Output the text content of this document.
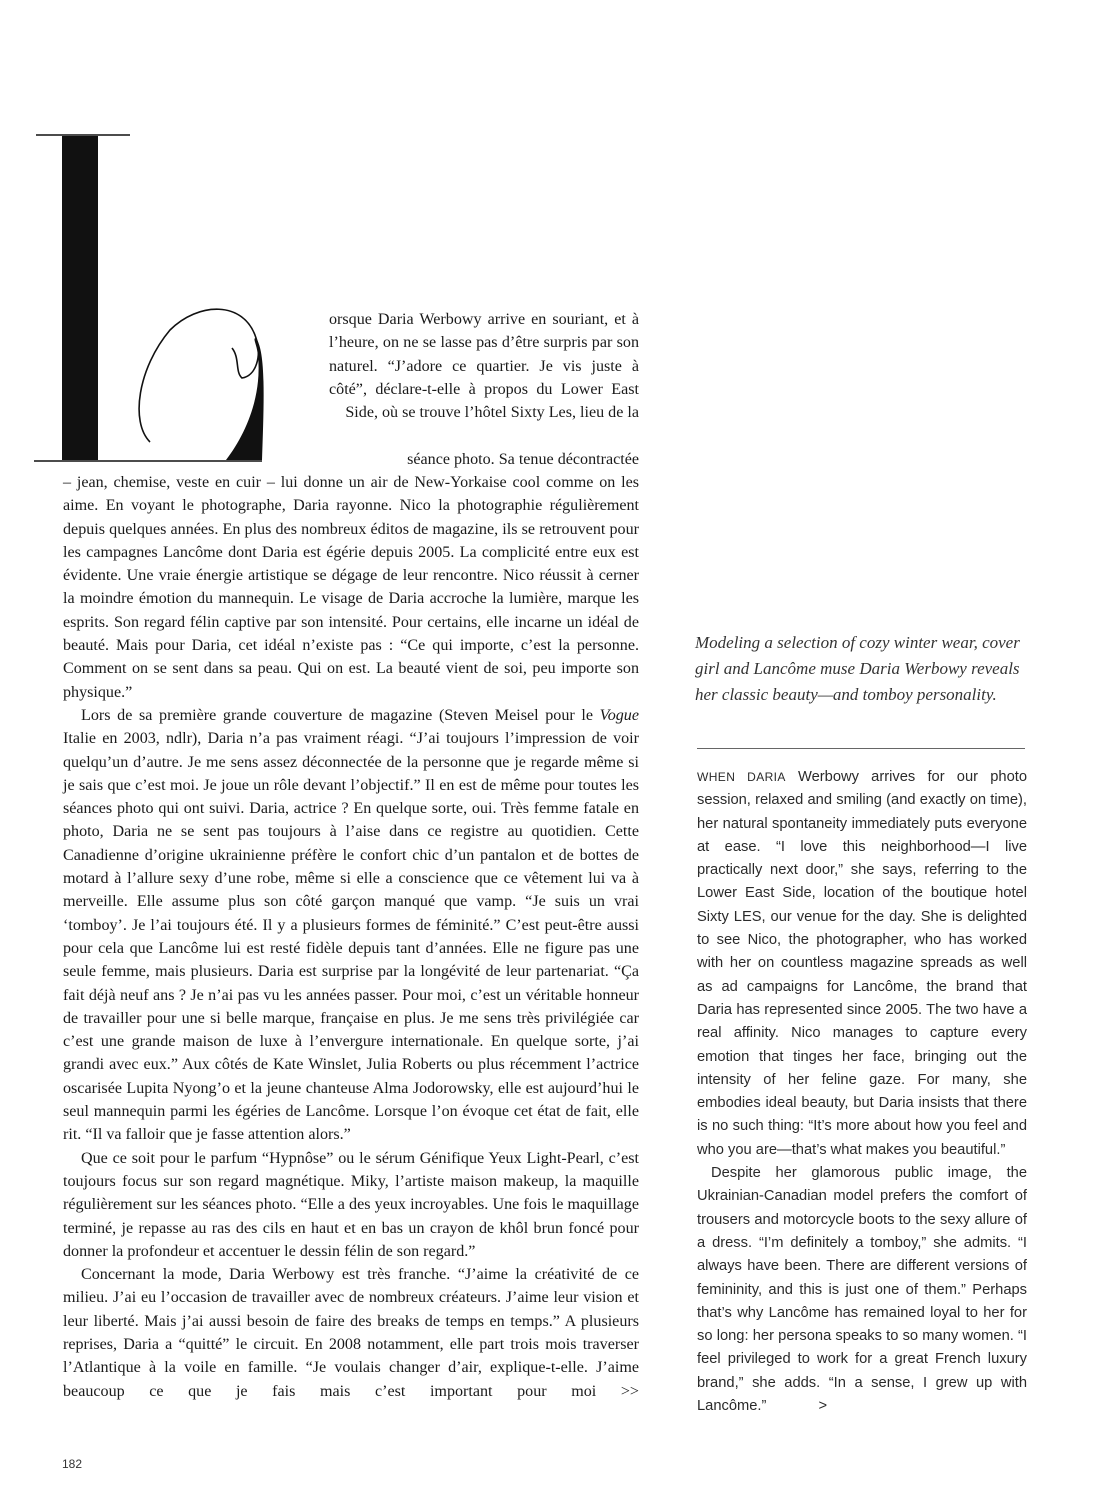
orsque Daria Werbowy arrive en souriant, et à l’heure, on ne se lasse pas d’être surpris par son naturel. “J’adore ce quartier. Je vis juste à côté”, déclare-t-elle à propos du Lower East Side, où se trouve l’hôtel Sixty Les, lieu de la
séance photo. Sa tenue décontractée

– jean, chemise, veste en cuir – lui donne un air de New-Yorkaise cool comme on les aime. En voyant le photographe, Daria rayonne. Nico la photographie régulièrement depuis quelques années. En plus des nombreux éditos de magazine, ils se retrouvent pour les campagnes Lancôme dont Daria est égérie depuis 2005. La complicité entre eux est évidente. Une vraie énergie artistique se dégage de leur rencontre. Nico réussit à cerner la moindre émotion du mannequin. Le visage de Daria accroche la lumière, marque les esprits. Son regard félin captive par son intensité. Pour certains, elle incarne un idéal de beauté. Mais pour Daria, cet idéal n’existe pas : “Ce qui importe, c’est la personne. Comment on se sent dans sa peau. Qui on est. La beauté vient de soi, peu importe son physique.”

Lors de sa première grande couverture de magazine (Steven Meisel pour le Vogue Italie en 2003, ndlr), Daria n’a pas vraiment réagi. “J’ai toujours l’impression de voir quelqu’un d’autre. Je me sens assez déconnectée de la personne que je regarde même si je sais que c’est moi. Je joue un rôle devant l’objectif.” Il en est de même pour toutes les séances photo qui ont suivi. Daria, actrice ? En quelque sorte, oui. Très femme fatale en photo, Daria ne se sent pas toujours à l’aise dans ce registre au quotidien. Cette Canadienne d’origine ukrainienne préfère le confort chic d’un pantalon et de bottes de motard à l’allure sexy d’une robe, même si elle a conscience que ce vêtement lui va à merveille. Elle assume plus son côté garçon manqué que vamp. “Je suis un vrai ‘tomboy’. Je l’ai toujours été. Il y a plusieurs formes de féminité.” C’est peut-être aussi pour cela que Lancôme lui est resté fidèle depuis tant d’années. Elle ne figure pas une seule femme, mais plusieurs. Daria est surprise par la longévité de leur partenariat. “Ça fait déjà neuf ans ? Je n’ai pas vu les années passer. Pour moi, c’est un véritable honneur de travailler pour une si belle marque, française en plus. Je me sens très privilégiée car c’est une grande maison de luxe à l’envergure internationale. En quelque sorte, j’ai grandi avec eux.” Aux côtés de Kate Winslet, Julia Roberts ou plus récemment l’actrice oscarisée Lupita Nyong’o et la jeune chanteuse Alma Jodorowsky, elle est aujourd’hui le seul mannequin parmi les égéries de Lancôme. Lorsque l’on évoque cet état de fait, elle rit. “Il va falloir que je fasse attention alors.”

Que ce soit pour le parfum “Hypnôse” ou le sérum Génifique Yeux Light-Pearl, c’est toujours focus sur son regard magnétique. Miky, l’artiste maison makeup, la maquille régulièrement sur les séances photo. “Elle a des yeux incroyables. Une fois le maquillage terminé, je repasse au ras des cils en haut et en bas un crayon de khôl brun foncé pour donner la profondeur et accentuer le dessin félin de son regard.”

Concernant la mode, Daria Werbowy est très franche. “J’aime la créativité de ce milieu. J’ai eu l’occasion de travailler avec de nombreux créateurs. J’aime leur vision et leur liberté. Mais j’ai aussi besoin de faire des breaks de temps en temps.” A plusieurs reprises, Daria a “quitté” le circuit. En 2008 notamment, elle part trois mois traverser l’Atlantique à la voile en famille. “Je voulais changer d’air, explique-t-elle. J’aime beaucoup ce que je fais mais c’est important pour moi >>

Modeling a selection of cozy winter wear, cover girl and Lancôme muse Daria Werbowy reveals her classic beauty—and tomboy personality.

WHEN DARIA Werbowy arrives for our photo session, relaxed and smiling (and exactly on time), her natural spontaneity immediately puts everyone at ease. “I love this neighborhood—I live practically next door,” she says, referring to the Lower East Side, location of the boutique hotel Sixty LES, our venue for the day. She is delighted to see Nico, the photographer, who has worked with her on countless magazine spreads as well as ad campaigns for Lancôme, the brand that Daria has represented since 2005. The two have a real affinity. Nico manages to capture every emotion that tinges her face, bringing out the intensity of her feline gaze. For many, she embodies ideal beauty, but Daria insists that there is no such thing: “It’s more about how you feel and who you are—that’s what makes you beautiful.”

Despite her glamorous public image, the Ukrainian-Canadian model prefers the comfort of trousers and motorcycle boots to the sexy allure of a dress. “I’m definitely a tomboy,” she admits. “I always have been. There are different versions of femininity, and this is just one of them.” Perhaps that’s why Lancôme has remained loyal to her for so long: her persona speaks to so many women. “I feel privileged to work for a great French luxury brand,” she adds. “In a sense, I grew up with Lancôme.”	>

182
